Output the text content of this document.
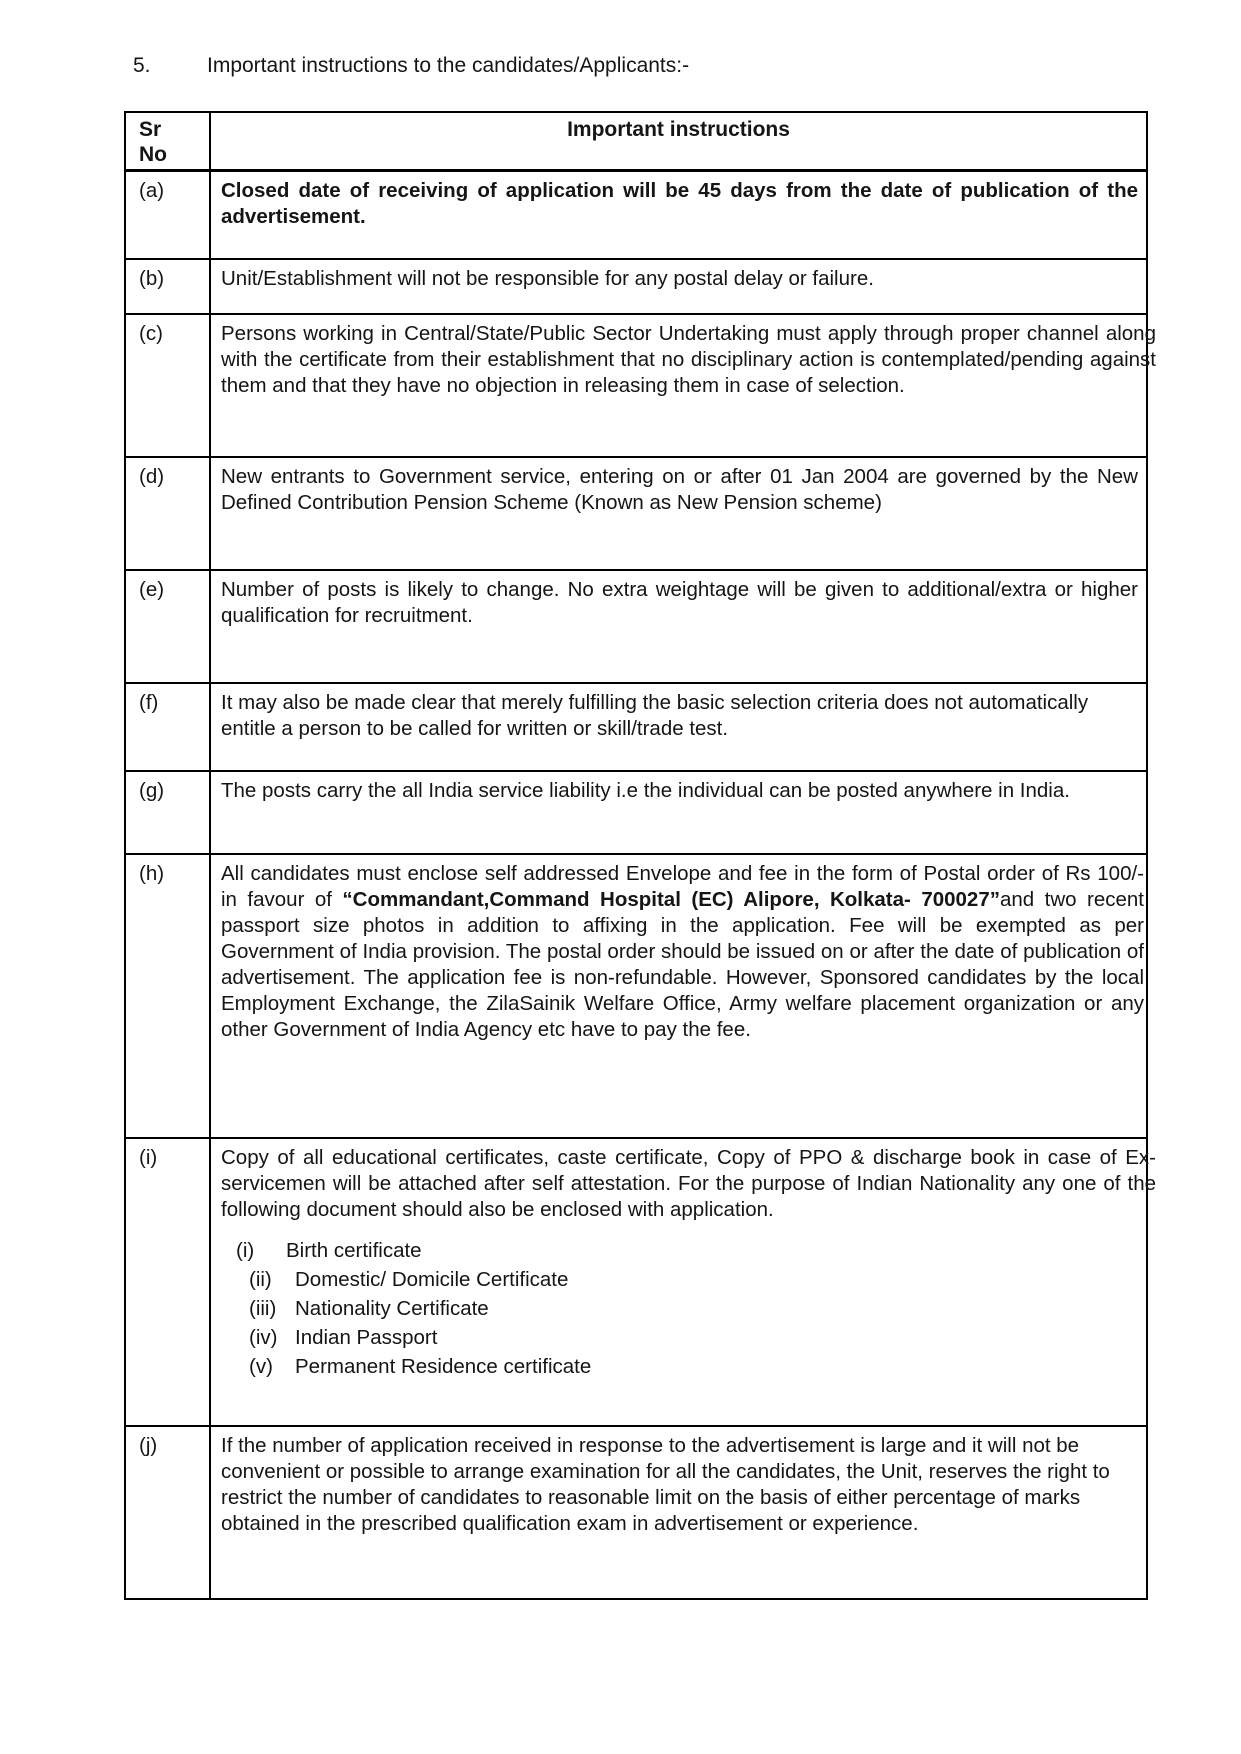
5.	Important instructions to the candidates/Applicants:-
Sr
No	Important instructions
(a)	Closed date of receiving of application will be 45 days from the date of publication of the advertisement.

(b)	Unit/Establishment will not be responsible for any postal delay or failure.

(c)	Persons working in Central/State/Public Sector Undertaking must apply through proper channel along with the certificate from their establishment that no disciplinary action is contemplated/pending against them and that they have no objection in releasing them in case of selection.

(d)	New entrants to Government service, entering on or after 01 Jan 2004 are governed by the New Defined Contribution Pension Scheme (Known as New Pension scheme)

(e)	Number of posts is likely to change. No extra weightage will be given to additional/extra or higher qualification for recruitment.

(f)	It may also be made clear that merely fulfilling the basic selection criteria does not automatically entitle a person to be called for written or skill/trade test.

(g)	The posts carry the all India service liability i.e the individual can be posted anywhere in India.

(h)	All candidates must enclose self addressed Envelope and fee in the form of Postal order of Rs 100/- in favour of “Commandant,Command Hospital (EC) Alipore, Kolkata- 700027”and two recent passport size photos in addition to affixing in the application. Fee will be exempted as per Government of India provision. The postal order should be issued on or after the date of publication of advertisement. The application fee is non-refundable. However, Sponsored candidates by the local Employment Exchange, the ZilaSainik Welfare Office, Army welfare placement organization or any other Government of India Agency etc have to pay the fee.

(i)	Copy of all educational certificates, caste certificate, Copy of PPO & discharge book in case of Ex-servicemen will be attached after self attestation. For the purpose of Indian Nationality any one of the following document should also be enclosed with application.

(i)	Birth certificate
(ii)	Domestic/ Domicile Certificate
(iii) Nationality Certificate
(iv) Indian Passport
(v)	Permanent Residence certificate

(j)	If the number of application received in response to the advertisement is large and it will not be convenient or possible to arrange examination for all the candidates, the Unit, reserves the right to restrict the number of candidates to reasonable limit on the basis of either percentage of marks obtained in the prescribed qualification exam in advertisement or experience.
